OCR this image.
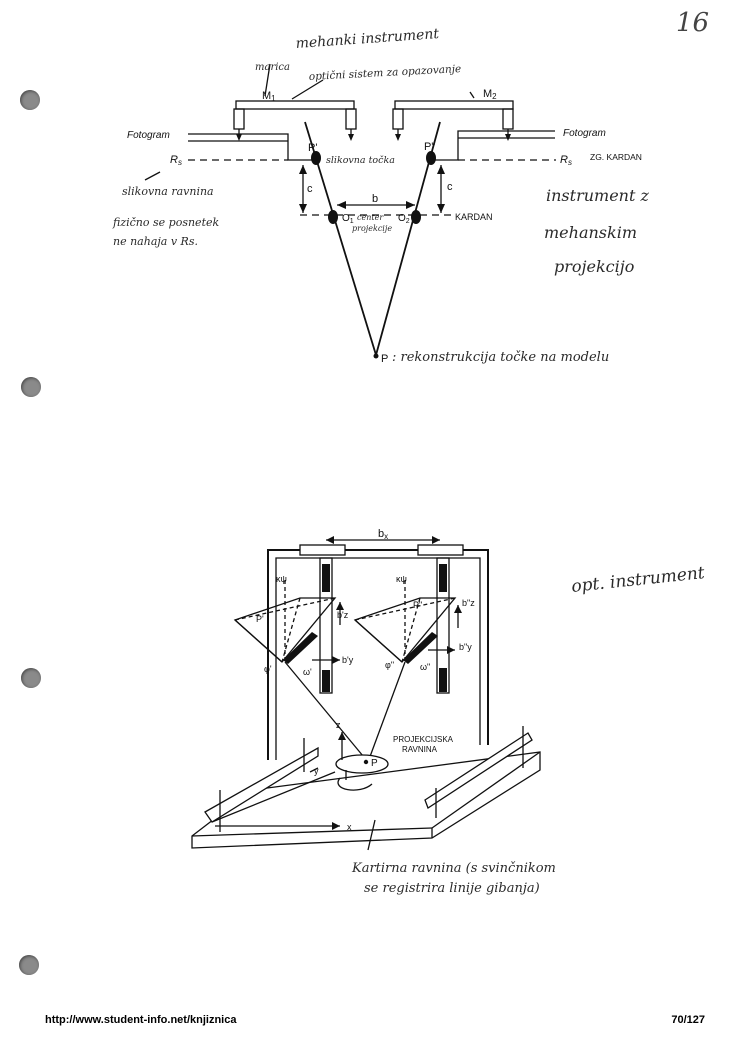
16
mehanki instrument
marica optični sistem za opazovanje
M1	M2
Fotogram	Fotogram
Rs	Rs
ZG. KARDAN
P'	P"
slikovna točka
c	c
b
$O_1$	$O_2$
center
projekcije
KARDAN
slikovna ravnina
fizično se posnetek
ne nahaja v Rs.
instrument z
mehanskim
projekcijo
P : rekonstrukcija točke na modelu
bx
opt. instrument
κψ	κψ
P'
P"
b'z
b"z
b'y
b"y
ω'	ω"
φ'	φ"
z
y
x
P
PROJEKCIJSKA
RAVNINA
Kartirna ravnina (s svinčnikom
se registrira linije gibanja)
http://www.student-info.net/knjiznica	70/127
